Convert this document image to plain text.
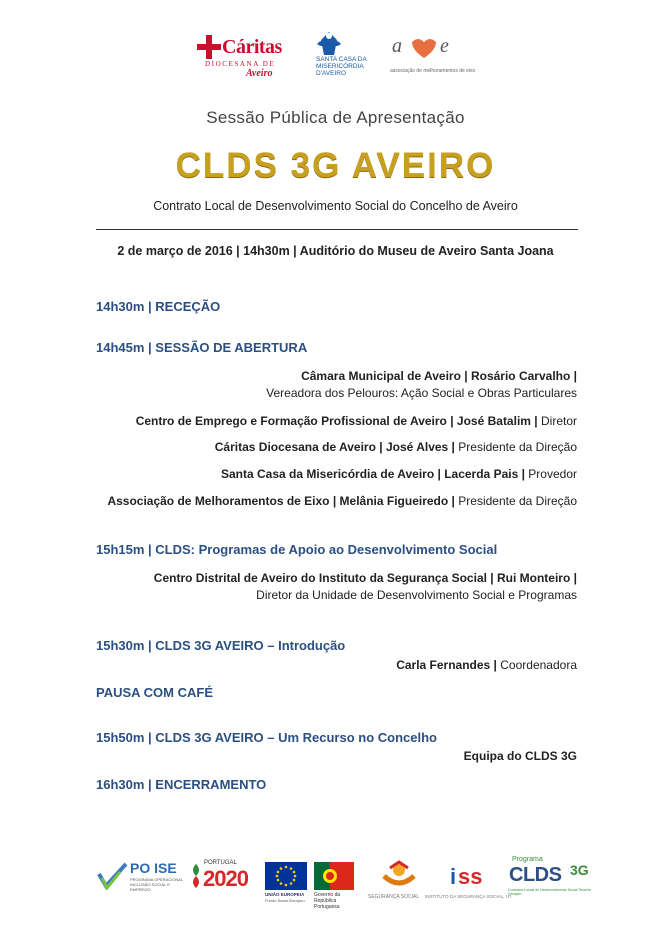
Cáritas
DIOCESANA DE
Aveiro
SANTA CASA DA MISERICÓRDIA D'AVEIRO
a e
associação de melhoramentos de eixo
Sessão Pública de Apresentação
CLDS 3G AVEIRO
Contrato Local de Desenvolvimento Social do Concelho de Aveiro
2 de março de 2016 | 14h30m | Auditório do Museu de Aveiro Santa Joana
14h30m | RECEÇÃO
14h45m | SESSÃO DE ABERTURA
Câmara Municipal de Aveiro | Rosário Carvalho |
Vereadora dos Pelouros: Ação Social e Obras Particulares
Centro de Emprego e Formação Profissional de Aveiro | José Batalim | Diretor
Cáritas Diocesana de Aveiro | José Alves | Presidente da Direção
Santa Casa da Misericórdia de Aveiro | Lacerda Pais | Provedor
Associação de Melhoramentos de Eixo | Melânia Figueiredo | Presidente da Direção
15h15m | CLDS: Programas de Apoio ao Desenvolvimento Social
Centro Distrital de Aveiro do Instituto da Segurança Social | Rui Monteiro |
Diretor da Unidade de Desenvolvimento Social e Programas
15h30m | CLDS 3G AVEIRO – Introdução
Carla Fernandes | Coordenadora
PAUSA COM CAFÉ
15h50m | CLDS 3G AVEIRO – Um Recurso no Concelho
Equipa do CLDS 3G
16h30m | ENCERRAMENTO
PO ISE
PROGRAMA OPERACIONAL INCLUSÃO SOCIAL E EMPREGO
PORTUGAL
2020
UNIÃO EUROPEIA
Fundo Social Europeu
Governo da República Portuguesa
SEGURANÇA SOCIAL
i ss
INSTITUTO DA SEGURANÇA SOCIAL, I.P.
Programa
CLDS 3G
Contratos Locais de Desenvolvimento Social Terceira Geração
